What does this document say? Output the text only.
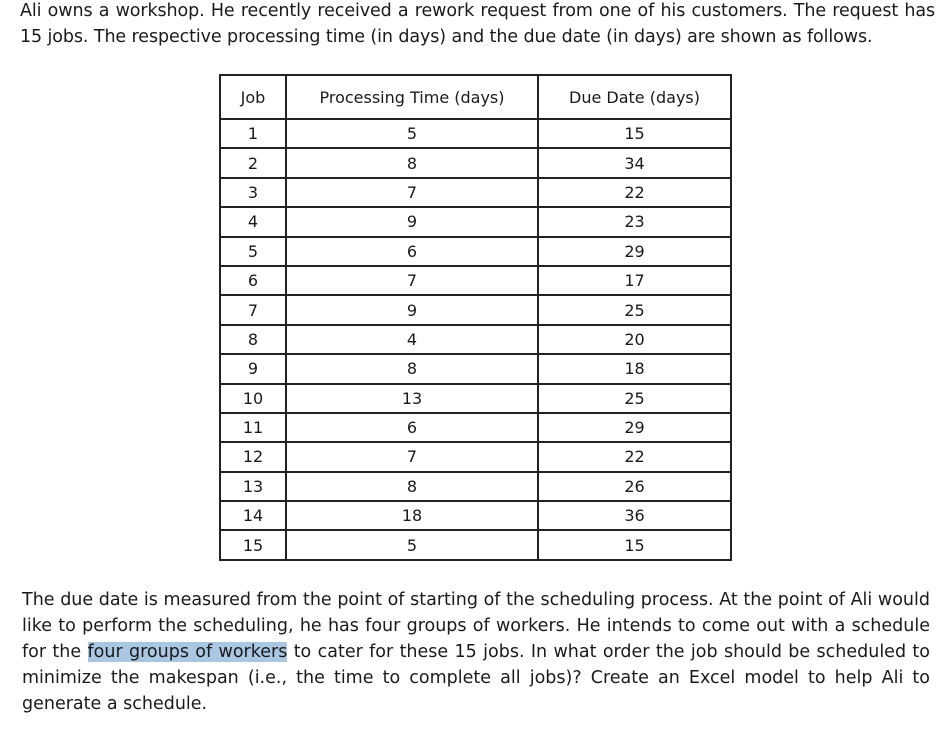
Ali owns a workshop. He recently received a rework request from one of his customers. The request has 15 jobs. The respective processing time (in days) and the due date (in days) are shown as follows.

Job	Processing Time (days)	Due Date (days)
1	5	15
2	8	34
3	7	22
4	9	23
5	6	29
6	7	17
7	9	25
8	4	20
9	8	18
10	13	25
11	6	29
12	7	22
13	8	26
14	18	36
15	5	15

The due date is measured from the point of starting of the scheduling process. At the point of Ali would like to perform the scheduling, he has four groups of workers. He intends to come out with a schedule for the four groups of workers to cater for these 15 jobs. In what order the job should be scheduled to minimize the makespan (i.e., the time to complete all jobs)? Create an Excel model to help Ali to generate a schedule.
